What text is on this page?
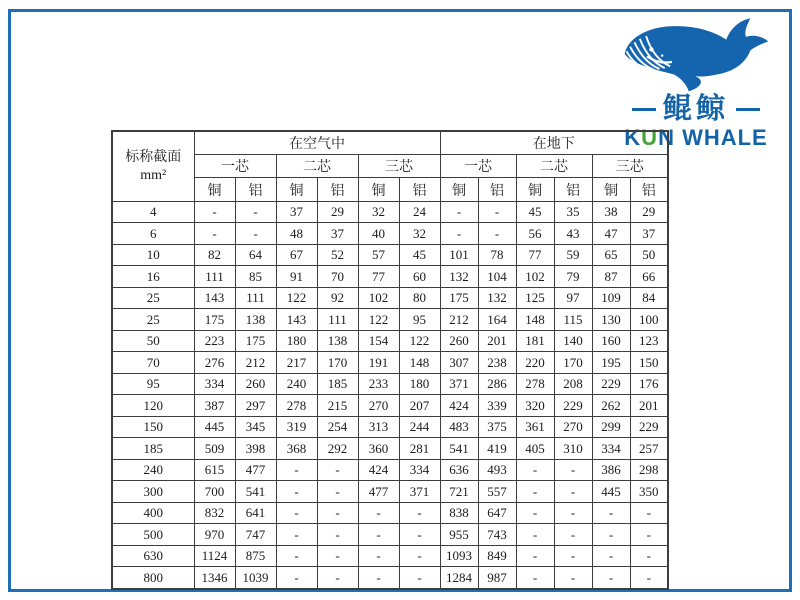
鲲鲸
KUN WHALE
标称截面
mm²	在空气中						在地下					
	一芯		二芯		三芯		一芯		二芯		三芯	
	铜	铝	铜	铝	铜	铝	铜	铝	铜	铝	铜	铝
4	-	-	37	29	32	24	-	-	45	35	38	29
6	-	-	48	37	40	32	-	-	56	43	47	37
10	82	64	67	52	57	45	101	78	77	59	65	50
16	111	85	91	70	77	60	132	104	102	79	87	66
25	143	111	122	92	102	80	175	132	125	97	109	84
25	175	138	143	111	122	95	212	164	148	115	130	100
50	223	175	180	138	154	122	260	201	181	140	160	123
70	276	212	217	170	191	148	307	238	220	170	195	150
95	334	260	240	185	233	180	371	286	278	208	229	176
120	387	297	278	215	270	207	424	339	320	229	262	201
150	445	345	319	254	313	244	483	375	361	270	299	229
185	509	398	368	292	360	281	541	419	405	310	334	257
240	615	477	-	-	424	334	636	493	-	-	386	298
300	700	541	-	-	477	371	721	557	-	-	445	350
400	832	641	-	-	-	-	838	647	-	-	-	-
500	970	747	-	-	-	-	955	743	-	-	-	-
630	1124	875	-	-	-	-	1093	849	-	-	-	-
800	1346	1039	-	-	-	-	1284	987	-	-	-	-
